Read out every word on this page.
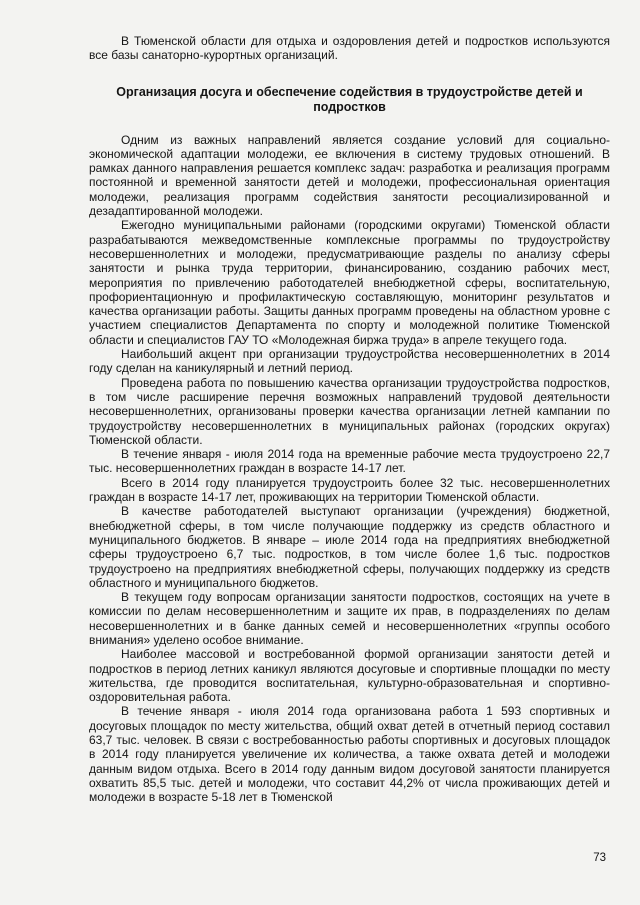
В Тюменской области для отдыха и оздоровления детей и подростков используются все базы санаторно-курортных организаций.

Организация досуга и обеспечение содействия в трудоустройстве детей и подростков

Одним из важных направлений является создание условий для социально-экономической адаптации молодежи, ее включения в систему трудовых отношений. В рамках данного направления решается комплекс задач: разработка и реализация программ постоянной и временной занятости детей и молодежи, профессиональная ориентация молодежи, реализация программ содействия занятости ресоциализированной и дезадаптированной молодежи.

Ежегодно муниципальными районами (городскими округами) Тюменской области разрабатываются межведомственные комплексные программы по трудоустройству несовершеннолетних и молодежи, предусматривающие разделы по анализу сферы занятости и рынка труда территории, финансированию, созданию рабочих мест, мероприятия по привлечению работодателей внебюджетной сферы, воспитательную, профориентационную и профилактическую составляющую, мониторинг результатов и качества организации работы. Защиты данных программ проведены на областном уровне с участием специалистов Департамента по спорту и молодежной политике Тюменской области и специалистов ГАУ ТО «Молодежная биржа труда» в апреле текущего года.

Наибольший акцент при организации трудоустройства несовершеннолетних в 2014 году сделан на каникулярный и летний период.

Проведена работа по повышению качества организации трудоустройства подростков, в том числе расширение перечня возможных направлений трудовой деятельности несовершеннолетних, организованы проверки качества организации летней кампании по трудоустройству несовершеннолетних в муниципальных районах (городских округах) Тюменской области.

В течение января - июля 2014 года на временные рабочие места трудоустроено 22,7 тыс. несовершеннолетних граждан в возрасте 14-17 лет.

Всего в 2014 году планируется трудоустроить более 32 тыс. несовершеннолетних граждан в возрасте 14-17 лет, проживающих на территории Тюменской области.

В качестве работодателей выступают организации (учреждения) бюджетной, внебюджетной сферы, в том числе получающие поддержку из средств областного и муниципального бюджетов. В январе – июле 2014 года на предприятиях внебюджетной сферы трудоустроено 6,7 тыс. подростков, в том числе более 1,6 тыс. подростков трудоустроено на предприятиях внебюджетной сферы, получающих поддержку из средств областного и муниципального бюджетов.

В текущем году вопросам организации занятости подростков, состоящих на учете в комиссии по делам несовершеннолетним и защите их прав, в подразделениях по делам несовершеннолетних и в банке данных семей и несовершеннолетних «группы особого внимания» уделено особое внимание.

Наиболее массовой и востребованной формой организации занятости детей и подростков в период летних каникул являются досуговые и спортивные площадки по месту жительства, где проводится воспитательная, культурно-образовательная и спортивно-оздоровительная работа.

В течение января - июля 2014 года организована работа 1 593 спортивных и досуговых площадок по месту жительства, общий охват детей в отчетный период составил 63,7 тыс. человек. В связи с востребованностью работы спортивных и досуговых площадок в 2014 году планируется увеличение их количества, а также охвата детей и молодежи данным видом отдыха. Всего в 2014 году данным видом досуговой занятости планируется охватить 85,5 тыс. детей и молодежи, что составит 44,2% от числа проживающих детей и молодежи в возрасте 5-18 лет в Тюменской

73
